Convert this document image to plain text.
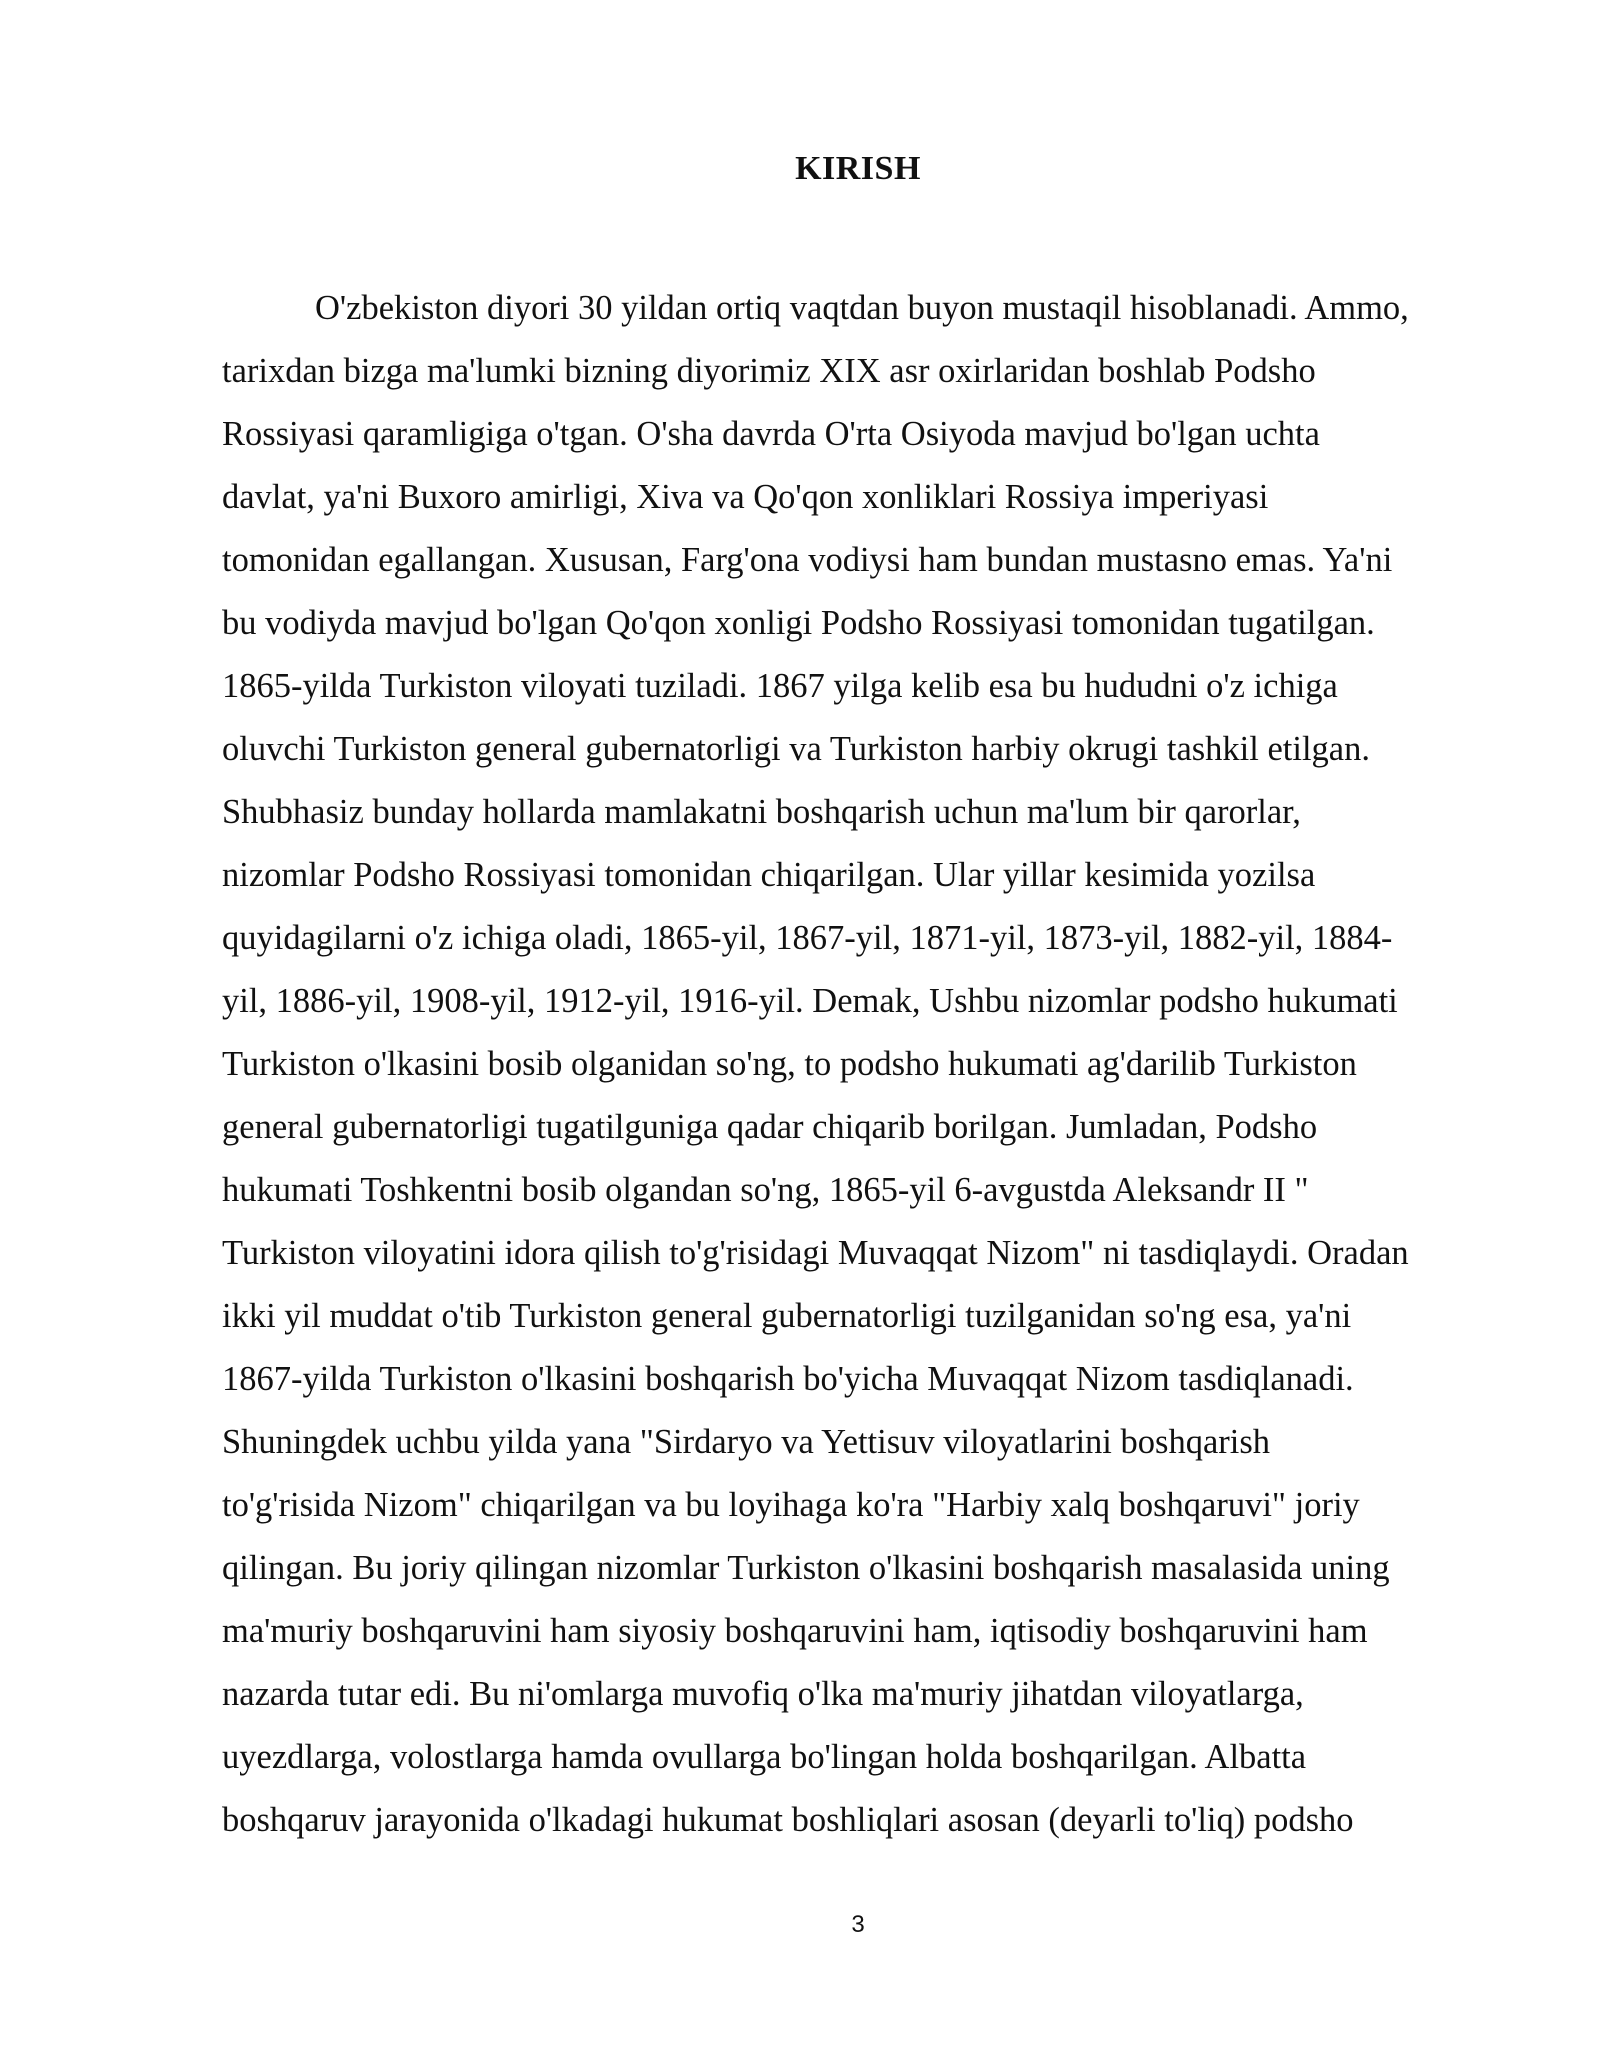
KIRISH
O'zbekiston diyori 30 yildan ortiq vaqtdan buyon mustaqil hisoblanadi. Ammo,
tarixdan bizga ma'lumki bizning diyorimiz XIX asr oxirlaridan boshlab Podsho
Rossiyasi qaramligiga o'tgan. O'sha davrda O'rta Osiyoda mavjud bo'lgan uchta
davlat, ya'ni Buxoro amirligi, Xiva va Qo'qon xonliklari Rossiya imperiyasi
tomonidan egallangan. Xususan, Farg'ona vodiysi ham bundan mustasno emas. Ya'ni
bu vodiyda mavjud bo'lgan Qo'qon xonligi Podsho Rossiyasi tomonidan tugatilgan.
1865-yilda Turkiston viloyati tuziladi. 1867 yilga kelib esa bu hududni o'z ichiga
oluvchi Turkiston general gubernatorligi va Turkiston harbiy okrugi tashkil etilgan.
Shubhasiz bunday hollarda mamlakatni boshqarish uchun ma'lum bir qarorlar,
nizomlar Podsho Rossiyasi tomonidan chiqarilgan. Ular yillar kesimida yozilsa
quyidagilarni o'z ichiga oladi, 1865-yil, 1867-yil, 1871-yil, 1873-yil, 1882-yil, 1884-
yil, 1886-yil, 1908-yil, 1912-yil, 1916-yil. Demak, Ushbu nizomlar podsho hukumati
Turkiston o'lkasini bosib olganidan so'ng, to podsho hukumati ag'darilib Turkiston
general gubernatorligi tugatilguniga qadar chiqarib borilgan. Jumladan, Podsho
hukumati Toshkentni bosib olgandan so'ng, 1865-yil 6-avgustda Aleksandr II "
Turkiston viloyatini idora qilish to'g'risidagi Muvaqqat Nizom" ni tasdiqlaydi. Oradan
ikki yil muddat o'tib Turkiston general gubernatorligi tuzilganidan so'ng esa, ya'ni
1867-yilda Turkiston o'lkasini boshqarish bo'yicha Muvaqqat Nizom tasdiqlanadi.
Shuningdek uchbu yilda yana "Sirdaryo va Yettisuv viloyatlarini boshqarish
to'g'risida Nizom" chiqarilgan va bu loyihaga ko'ra "Harbiy xalq boshqaruvi" joriy
qilingan. Bu joriy qilingan nizomlar Turkiston o'lkasini boshqarish masalasida uning
ma'muriy boshqaruvini ham siyosiy boshqaruvini ham, iqtisodiy boshqaruvini ham
nazarda tutar edi. Bu ni'omlarga muvofiq o'lka ma'muriy jihatdan viloyatlarga,
uyezdlarga, volostlarga hamda ovullarga bo'lingan holda boshqarilgan. Albatta
boshqaruv jarayonida o'lkadagi hukumat boshliqlari asosan (deyarli to'liq) podsho
3
